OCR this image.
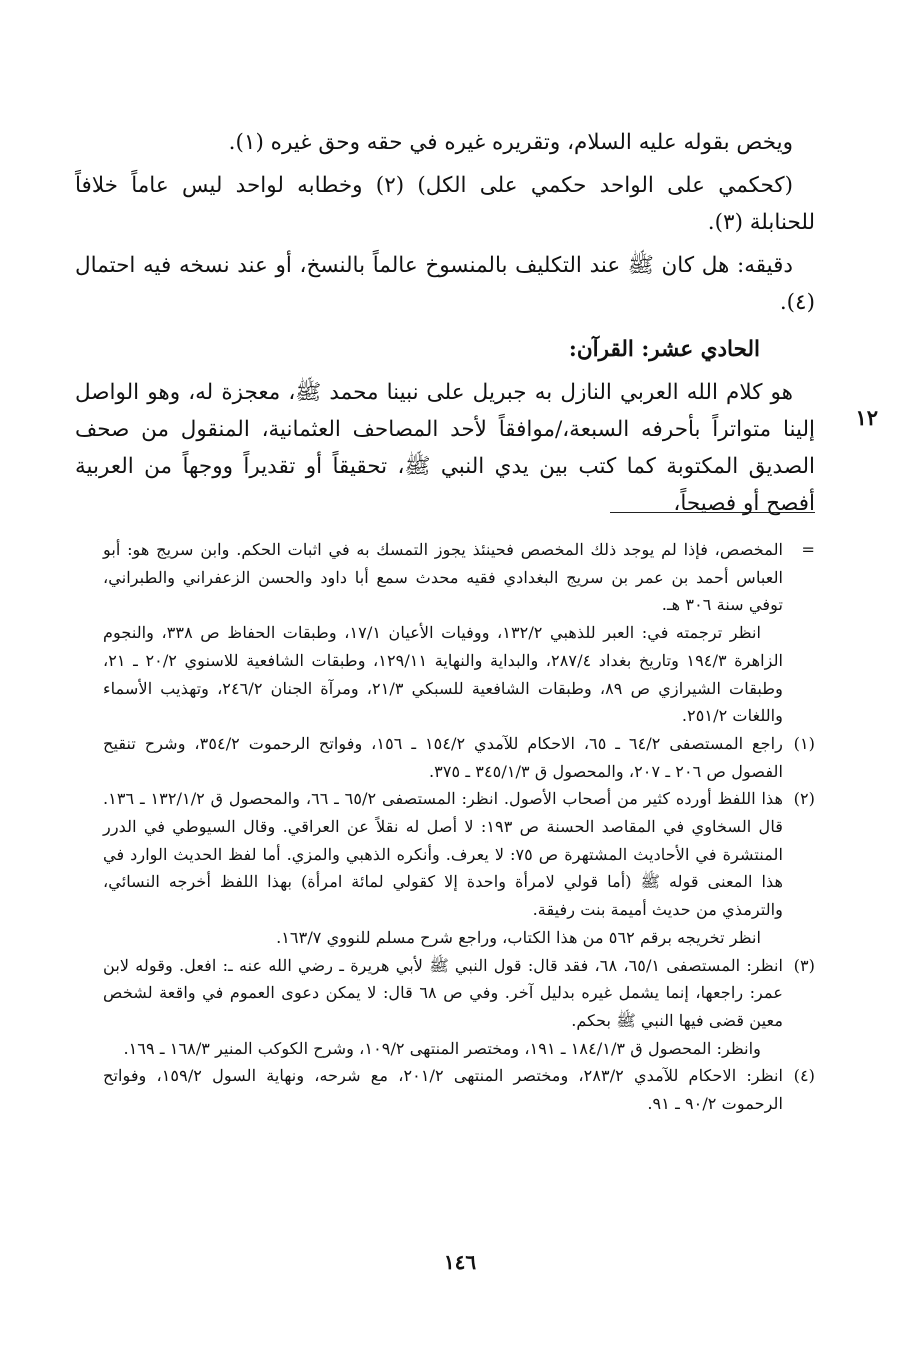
ويخص بقوله عليه السلام، وتقريره غيره في حقه وحق غيره (١).

(كحكمي على الواحد حكمي على الكل) (٢) وخطابه لواحد ليس عاماً خلافاً للحنابلة (٣).

دقيقه: هل كان ﷺ عند التكليف بالمنسوخ عالماً بالنسخ، أو عند نسخه فيه احتمال (٤).

الحادي عشر: القرآن:

هو كلام الله العربي النازل به جبريل على نبينا محمد ﷺ، معجزة له، وهو الواصل إلينا متواتراً بأحرفه السبعة،/موافقاً لأحد المصاحف العثمانية، المنقول من صحف الصديق المكتوبة كما كتب بين يدي النبي ﷺ، تحقيقاً أو تقديراً ووجهاً من العربية أفصح أو فصيحاً،

١٢
=

المخصص، فإذا لم يوجد ذلك المخصص فحينئذ يجوز التمسك به في اثبات الحكم. وابن سريج هو: أبو العباس أحمد بن عمر بن سريج البغدادي فقيه محدث سمع أبا داود والحسن الزعفراني والطبراني، توفي سنة ٣٠٦ هـ.

انظر ترجمته في: العبر للذهبي ١٣٢/٢، ووفيات الأعيان ١٧/١، وطبقات الحفاظ ص ٣٣٨، والنجوم الزاهرة ١٩٤/٣ وتاريخ بغداد ٢٨٧/٤، والبداية والنهاية ١٢٩/١١، وطبقات الشافعية للاسنوي ٢٠/٢ ـ ٢١، وطبقات الشيرازي ص ٨٩، وطبقات الشافعية للسبكي ٢١/٣، ومرآة الجنان ٢٤٦/٢، وتهذيب الأسماء واللغات ٢٥١/٢.

(١)

راجع المستصفى ٦٤/٢ ـ ٦٥، الاحكام للآمدي ١٥٤/٢ ـ ١٥٦، وفواتح الرحموت ٣٥٤/٢، وشرح تنقيح الفصول ص ٢٠٦ ـ ٢٠٧، والمحصول ق ٣٤٥/١/٣ ـ ٣٧٥.

(٢)

هذا اللفظ أورده كثير من أصحاب الأصول. انظر: المستصفى ٦٥/٢ ـ ٦٦، والمحصول ق ١٣٢/١/٢ ـ ١٣٦. قال السخاوي في المقاصد الحسنة ص ١٩٣: لا أصل له نقلاً عن العراقي. وقال السيوطي في الدرر المنتشرة في الأحاديث المشتهرة ص ٧٥: لا يعرف. وأنكره الذهبي والمزي. أما لفظ الحديث الوارد في هذا المعنى قوله ﷺ (أما قولي لامرأة واحدة إلا كقولي لمائة امرأة) بهذا اللفظ أخرجه النسائي، والترمذي من حديث أميمة بنت رفيقة.

انظر تخريجه برقم ٥٦٢ من هذا الكتاب، وراجع شرح مسلم للنووي ١٦٣/٧.

(٣)

انظر: المستصفى ٦٥/١، ٦٨، فقد قال: قول النبي ﷺ لأبي هريرة ـ رضي الله عنه ـ: افعل. وقوله لابن عمر: راجعها، إنما يشمل غيره بدليل آخر. وفي ص ٦٨ قال: لا يمكن دعوى العموم في واقعة لشخص معين قضى فيها النبي ﷺ بحكم.

وانظر: المحصول ق ١٨٤/١/٣ ـ ١٩١، ومختصر المنتهى ١٠٩/٢، وشرح الكوكب المنير ١٦٨/٣ ـ ١٦٩.

(٤)

انظر: الاحكام للآمدي ٢٨٣/٢، ومختصر المنتهى ٢٠١/٢، مع شرحه، ونهاية السول ١٥٩/٢، وفواتح الرحموت ٩٠/٢ ـ ٩١.

١٤٦
